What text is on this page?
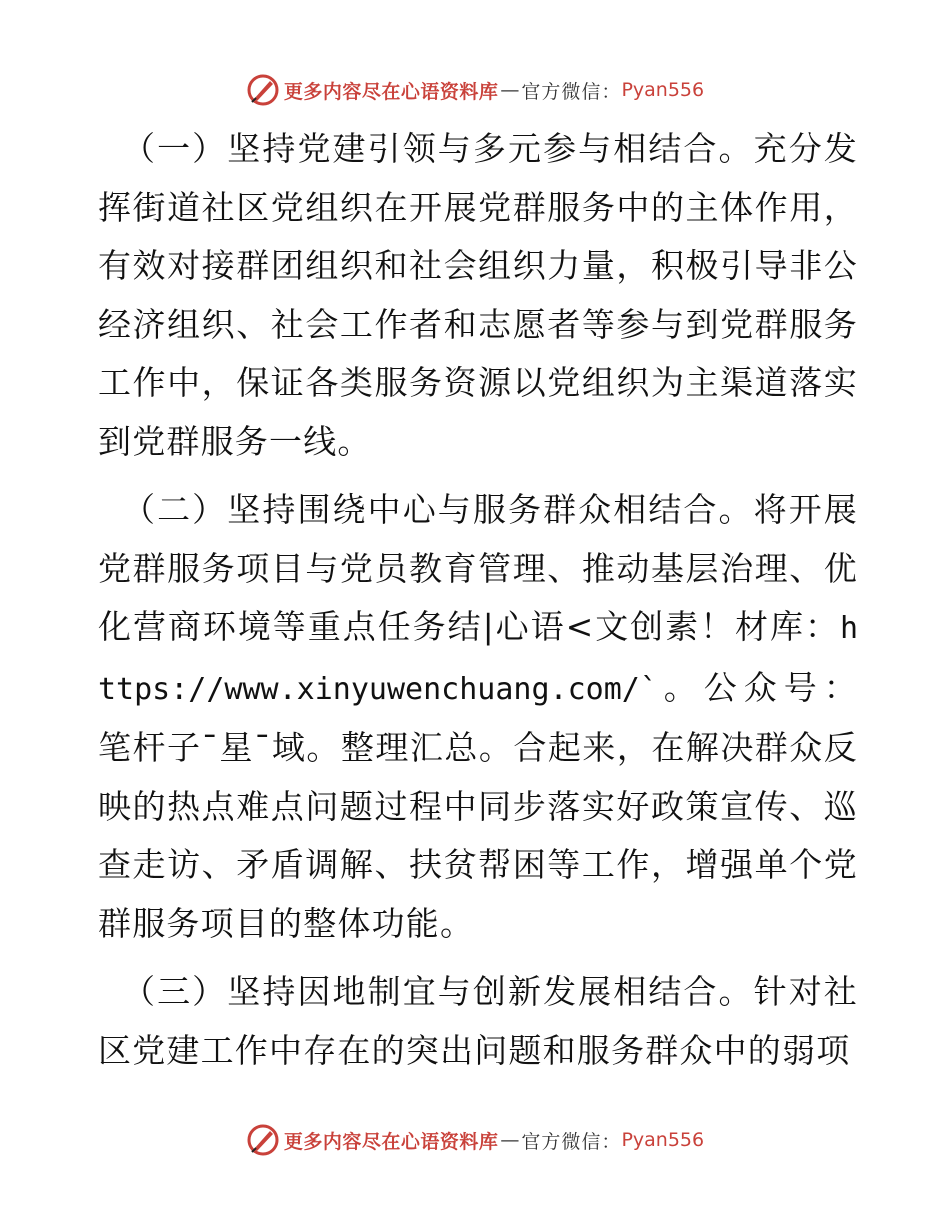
更多内容尽在心语资料库 — 官方微信： Pyan556

（一）坚持党建引领与多元参与相结合。充分发挥街道社区党组织在开展党群服务中的主体作用，有效对接群团组织和社会组织力量，积极引导非公经济组织、社会工作者和志愿者等参与到党群服务工作中，保证各类服务资源以党组织为主渠道落实到党群服务一线。

（二）坚持围绕中心与服务群众相结合。将开展党群服务项目与党员教育管理、推动基层治理、优化营商环境等重点任务结|心语<文创素！材库：https://www.xinyuwenchuang.com/`。公众号：笔杆子¯星¯域。整理汇总。合起来，在解决群众反映的热点难点问题过程中同步落实好政策宣传、巡查走访、矛盾调解、扶贫帮困等工作，增强单个党群服务项目的整体功能。

（三）坚持因地制宜与创新发展相结合。针对社区党建工作中存在的突出问题和服务群众中的弱项

更多内容尽在心语资料库 — 官方微信： Pyan556
